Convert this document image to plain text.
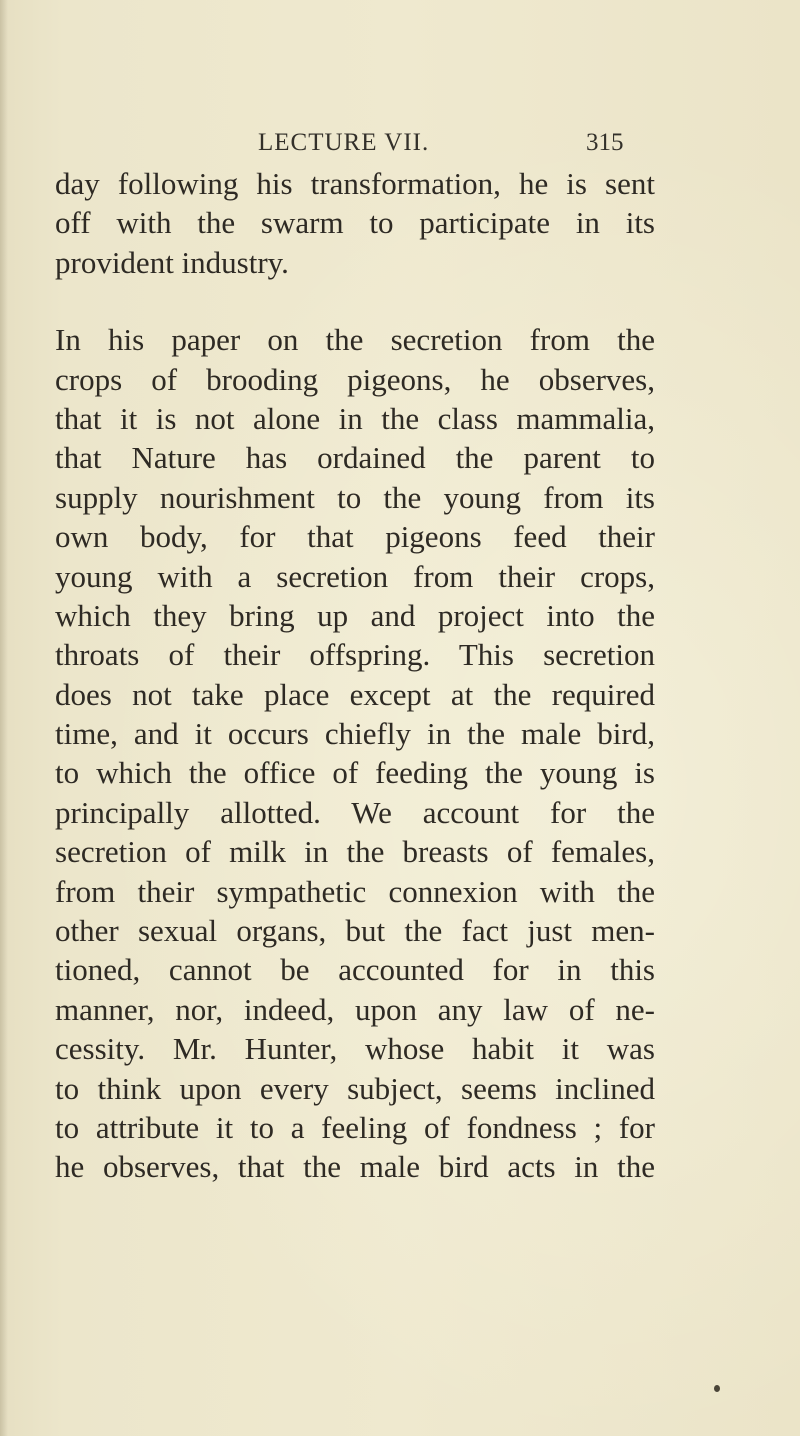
LECTURE VII.	315
day following his transformation, he is sent
off with the swarm to participate in its
provident industry.
In his paper on the secretion from the
crops of brooding pigeons, he observes,
that it is not alone in the class mammalia,
that Nature has ordained the parent to
supply nourishment to the young from its
own body, for that pigeons feed their
young with a secretion from their crops,
which they bring up and project into the
throats of their offspring. This secretion
does not take place except at the required
time, and it occurs chiefly in the male bird,
to which the office of feeding the young is
principally allotted. We account for the
secretion of milk in the breasts of females,
from their sympathetic connexion with the
other sexual organs, but the fact just men-
tioned, cannot be accounted for in this
manner, nor, indeed, upon any law of ne-
cessity. Mr. Hunter, whose habit it was
to think upon every subject, seems inclined
to attribute it to a feeling of fondness ; for
he observes, that the male bird acts in the
